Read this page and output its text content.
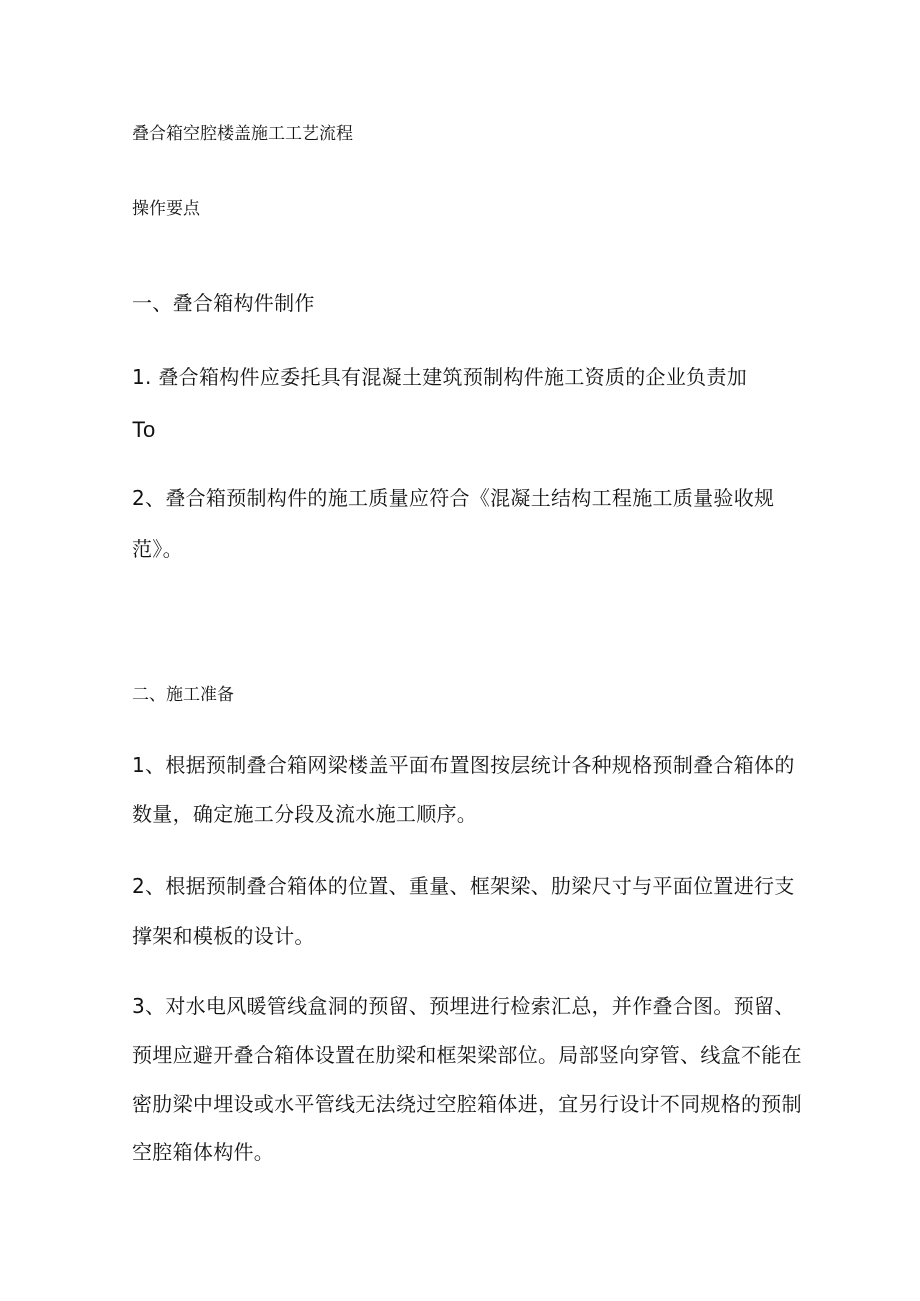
叠合箱空腔楼盖施工工艺流程
操作要点
一、叠合箱构件制作
1. 叠合箱构件应委托具有混凝土建筑预制构件施工资质的企业负责加
To
2、叠合箱预制构件的施工质量应符合《混凝土结构工程施工质量验收规
范》。
二、施工准备
1、根据预制叠合箱网梁楼盖平面布置图按层统计各种规格预制叠合箱体的
数量，确定施工分段及流水施工顺序。
2、根据预制叠合箱体的位置、重量、框架梁、肋梁尺寸与平面位置进行支
撑架和模板的设计。
3、对水电风暖管线盒洞的预留、预埋进行检索汇总，并作叠合图。预留、
预埋应避开叠合箱体设置在肋梁和框架梁部位。局部竖向穿管、线盒不能在
密肋梁中埋设或水平管线无法绕过空腔箱体进，宜另行设计不同规格的预制
空腔箱体构件。
